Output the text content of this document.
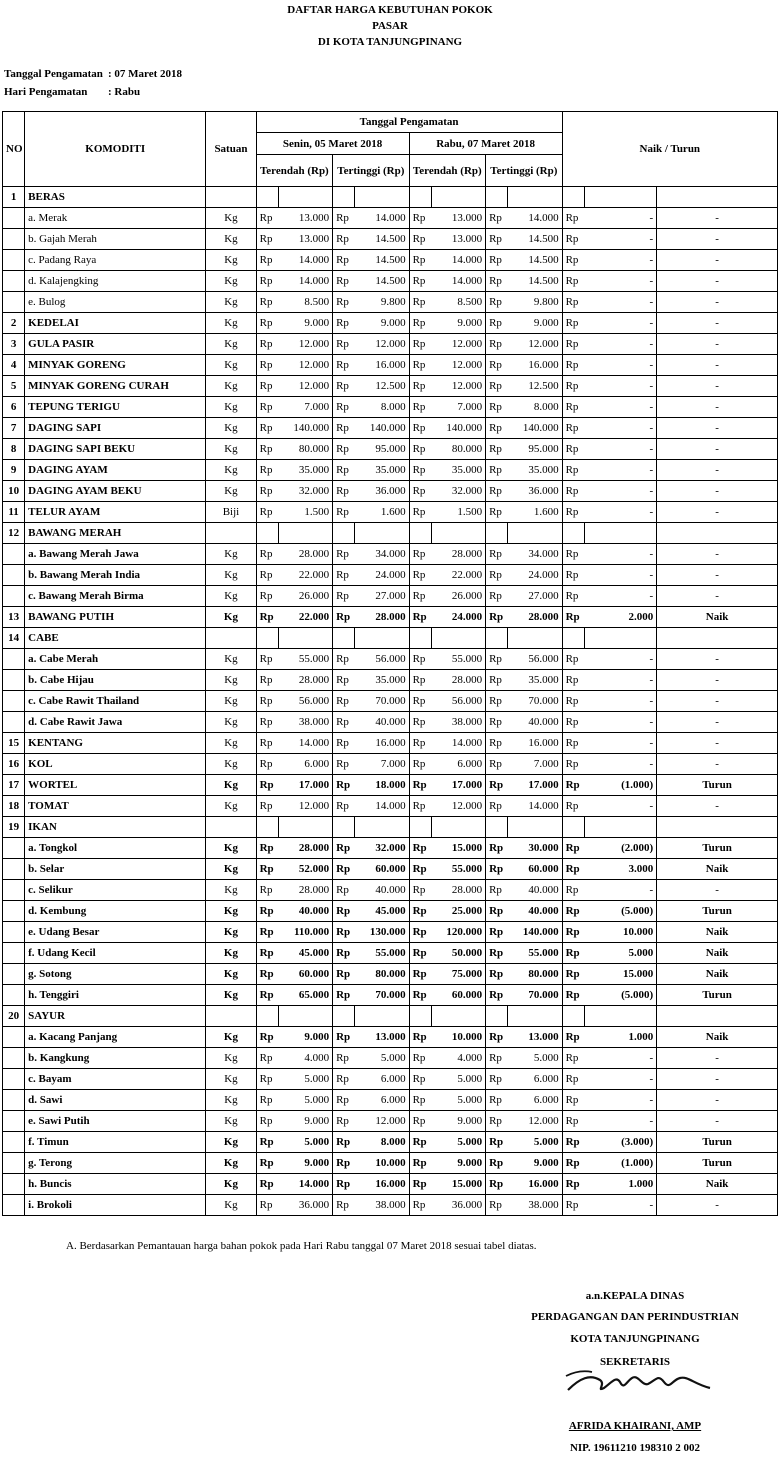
DAFTAR HARGA KEBUTUHAN POKOK
PASAR
DI KOTA TANJUNGPINANG
Tanggal Pengamatan : 07 Maret 2018
Hari Pengamatan : Rabu
NO	KOMODITI	Satuan	Tanggal Pengamatan								Naik / Turun		
			Senin, 05 Maret 2018				Rabu, 07 Maret 2018						
			Terendah (Rp)		Tertinggi (Rp)		Terendah (Rp)		Tertinggi (Rp)				
1	BERAS												
	a. Merak	Kg	Rp	13.000	Rp	14.000	Rp	13.000	Rp	14.000	Rp	-	-
	b. Gajah Merah	Kg	Rp	13.000	Rp	14.500	Rp	13.000	Rp	14.500	Rp	-	-
	c. Padang Raya	Kg	Rp	14.000	Rp	14.500	Rp	14.000	Rp	14.500	Rp	-	-
	d. Kalajengking	Kg	Rp	14.000	Rp	14.500	Rp	14.000	Rp	14.500	Rp	-	-
	e. Bulog	Kg	Rp	8.500	Rp	9.800	Rp	8.500	Rp	9.800	Rp	-	-
2	KEDELAI	Kg	Rp	9.000	Rp	9.000	Rp	9.000	Rp	9.000	Rp	-	-
3	GULA PASIR	Kg	Rp	12.000	Rp	12.000	Rp	12.000	Rp	12.000	Rp	-	-
4	MINYAK GORENG	Kg	Rp	12.000	Rp	16.000	Rp	12.000	Rp	16.000	Rp	-	-
5	MINYAK GORENG CURAH	Kg	Rp	12.000	Rp	12.500	Rp	12.000	Rp	12.500	Rp	-	-
6	TEPUNG TERIGU	Kg	Rp	7.000	Rp	8.000	Rp	7.000	Rp	8.000	Rp	-	-
7	DAGING SAPI	Kg	Rp	140.000	Rp	140.000	Rp	140.000	Rp	140.000	Rp	-	-
8	DAGING SAPI BEKU	Kg	Rp	80.000	Rp	95.000	Rp	80.000	Rp	95.000	Rp	-	-
9	DAGING AYAM	Kg	Rp	35.000	Rp	35.000	Rp	35.000	Rp	35.000	Rp	-	-
10	DAGING AYAM BEKU	Kg	Rp	32.000	Rp	36.000	Rp	32.000	Rp	36.000	Rp	-	-
11	TELUR AYAM	Biji	Rp	1.500	Rp	1.600	Rp	1.500	Rp	1.600	Rp	-	-
12	BAWANG MERAH												
	a. Bawang Merah Jawa	Kg	Rp	28.000	Rp	34.000	Rp	28.000	Rp	34.000	Rp	-	-
	b. Bawang Merah India	Kg	Rp	22.000	Rp	24.000	Rp	22.000	Rp	24.000	Rp	-	-
	c. Bawang Merah Birma	Kg	Rp	26.000	Rp	27.000	Rp	26.000	Rp	27.000	Rp	-	-
13	BAWANG PUTIH	Kg	Rp	22.000	Rp	28.000	Rp	24.000	Rp	28.000	Rp	2.000	Naik
14	CABE												
	a. Cabe Merah	Kg	Rp	55.000	Rp	56.000	Rp	55.000	Rp	56.000	Rp	-	-
	b. Cabe Hijau	Kg	Rp	28.000	Rp	35.000	Rp	28.000	Rp	35.000	Rp	-	-
	c. Cabe Rawit Thailand	Kg	Rp	56.000	Rp	70.000	Rp	56.000	Rp	70.000	Rp	-	-
	d. Cabe Rawit Jawa	Kg	Rp	38.000	Rp	40.000	Rp	38.000	Rp	40.000	Rp	-	-
15	KENTANG	Kg	Rp	14.000	Rp	16.000	Rp	14.000	Rp	16.000	Rp	-	-
16	KOL	Kg	Rp	6.000	Rp	7.000	Rp	6.000	Rp	7.000	Rp	-	-
17	WORTEL	Kg	Rp	17.000	Rp	18.000	Rp	17.000	Rp	17.000	Rp	(1.000)	Turun
18	TOMAT	Kg	Rp	12.000	Rp	14.000	Rp	12.000	Rp	14.000	Rp	-	-
19	IKAN												
	a. Tongkol	Kg	Rp	28.000	Rp	32.000	Rp	15.000	Rp	30.000	Rp	(2.000)	Turun
	b. Selar	Kg	Rp	52.000	Rp	60.000	Rp	55.000	Rp	60.000	Rp	3.000	Naik
	c. Selikur	Kg	Rp	28.000	Rp	40.000	Rp	28.000	Rp	40.000	Rp	-	-
	d. Kembung	Kg	Rp	40.000	Rp	45.000	Rp	25.000	Rp	40.000	Rp	(5.000)	Turun
	e. Udang Besar	Kg	Rp	110.000	Rp	130.000	Rp	120.000	Rp	140.000	Rp	10.000	Naik
	f. Udang Kecil	Kg	Rp	45.000	Rp	55.000	Rp	50.000	Rp	55.000	Rp	5.000	Naik
	g. Sotong	Kg	Rp	60.000	Rp	80.000	Rp	75.000	Rp	80.000	Rp	15.000	Naik
	h. Tenggiri	Kg	Rp	65.000	Rp	70.000	Rp	60.000	Rp	70.000	Rp	(5.000)	Turun
20	SAYUR												
	a. Kacang Panjang	Kg	Rp	9.000	Rp	13.000	Rp	10.000	Rp	13.000	Rp	1.000	Naik
	b. Kangkung	Kg	Rp	4.000	Rp	5.000	Rp	4.000	Rp	5.000	Rp	-	-
	c. Bayam	Kg	Rp	5.000	Rp	6.000	Rp	5.000	Rp	6.000	Rp	-	-
	d. Sawi	Kg	Rp	5.000	Rp	6.000	Rp	5.000	Rp	6.000	Rp	-	-
	e. Sawi Putih	Kg	Rp	9.000	Rp	12.000	Rp	9.000	Rp	12.000	Rp	-	-
	f. Timun	Kg	Rp	5.000	Rp	8.000	Rp	5.000	Rp	5.000	Rp	(3.000)	Turun
	g. Terong	Kg	Rp	9.000	Rp	10.000	Rp	9.000	Rp	9.000	Rp	(1.000)	Turun
	h. Buncis	Kg	Rp	14.000	Rp	16.000	Rp	15.000	Rp	16.000	Rp	1.000	Naik
	i. Brokoli	Kg	Rp	36.000	Rp	38.000	Rp	36.000	Rp	38.000	Rp	-	-
A. Berdasarkan Pemantauan harga bahan pokok pada Hari Rabu tanggal 07 Maret 2018 sesuai tabel diatas.
a.n.KEPALA DINAS
PERDAGANGAN DAN PERINDUSTRIAN
KOTA TANJUNGPINANG
SEKRETARIS
AFRIDA KHAIRANI, AMP
NIP. 19611210 198310 2 002
